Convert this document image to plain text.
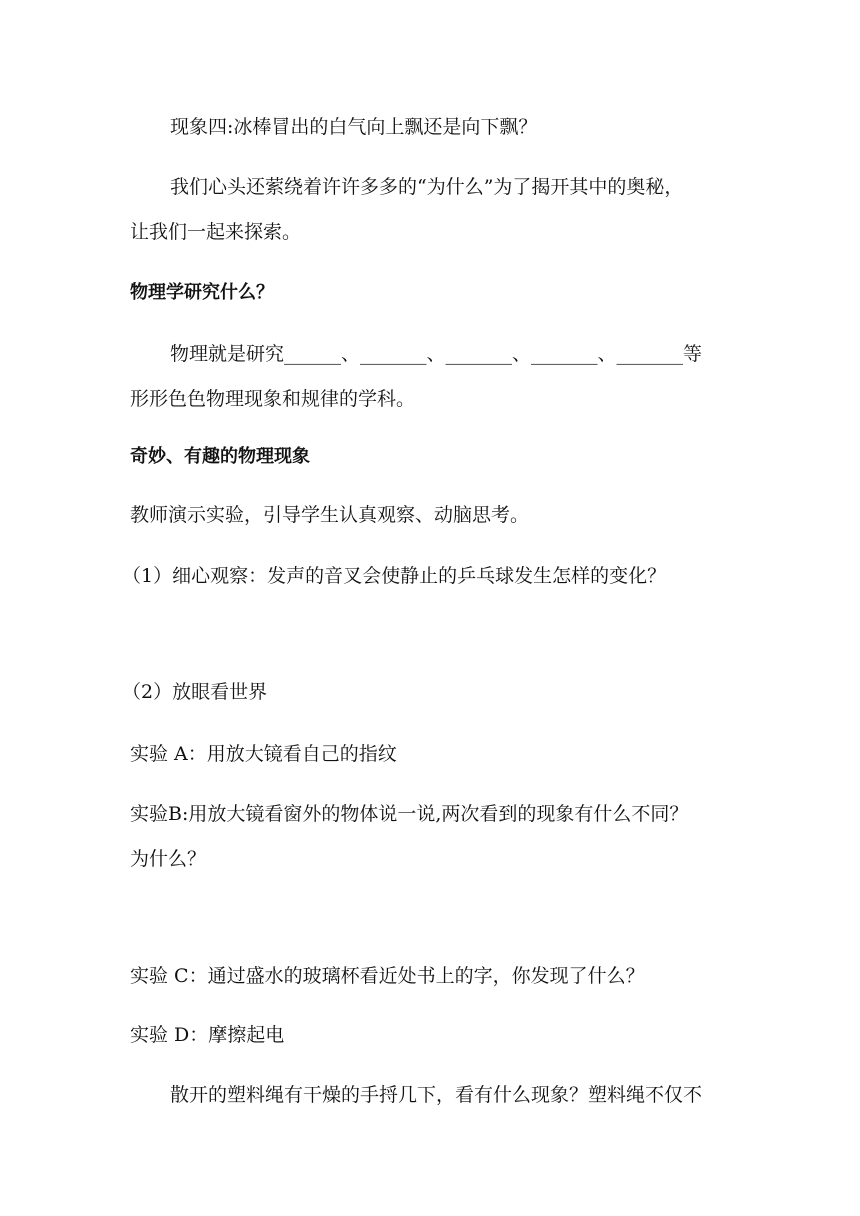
现象四:冰棒冒出的白气向上飘还是向下飘？
我们心头还萦绕着许许多多的“为什么”为了揭开其中的奥秘，
让我们一起来探索。
物理学研究什么？
物理就是研究______、_______、_______、_______、_______等
形形色色物理现象和规律的学科。
奇妙、有趣的物理现象
教师演示实验，引导学生认真观察、动脑思考。
（1）细心观察：发声的音叉会使静止的乒乓球发生怎样的变化？
（2）放眼看世界
实验 A：用放大镜看自己的指纹
实验B:用放大镜看窗外的物体说一说,两次看到的现象有什么不同？
为什么？
实验 C：通过盛水的玻璃杯看近处书上的字，你发现了什么？
实验 D：摩擦起电
散开的塑料绳有干燥的手捋几下，看有什么现象？塑料绳不仅不
